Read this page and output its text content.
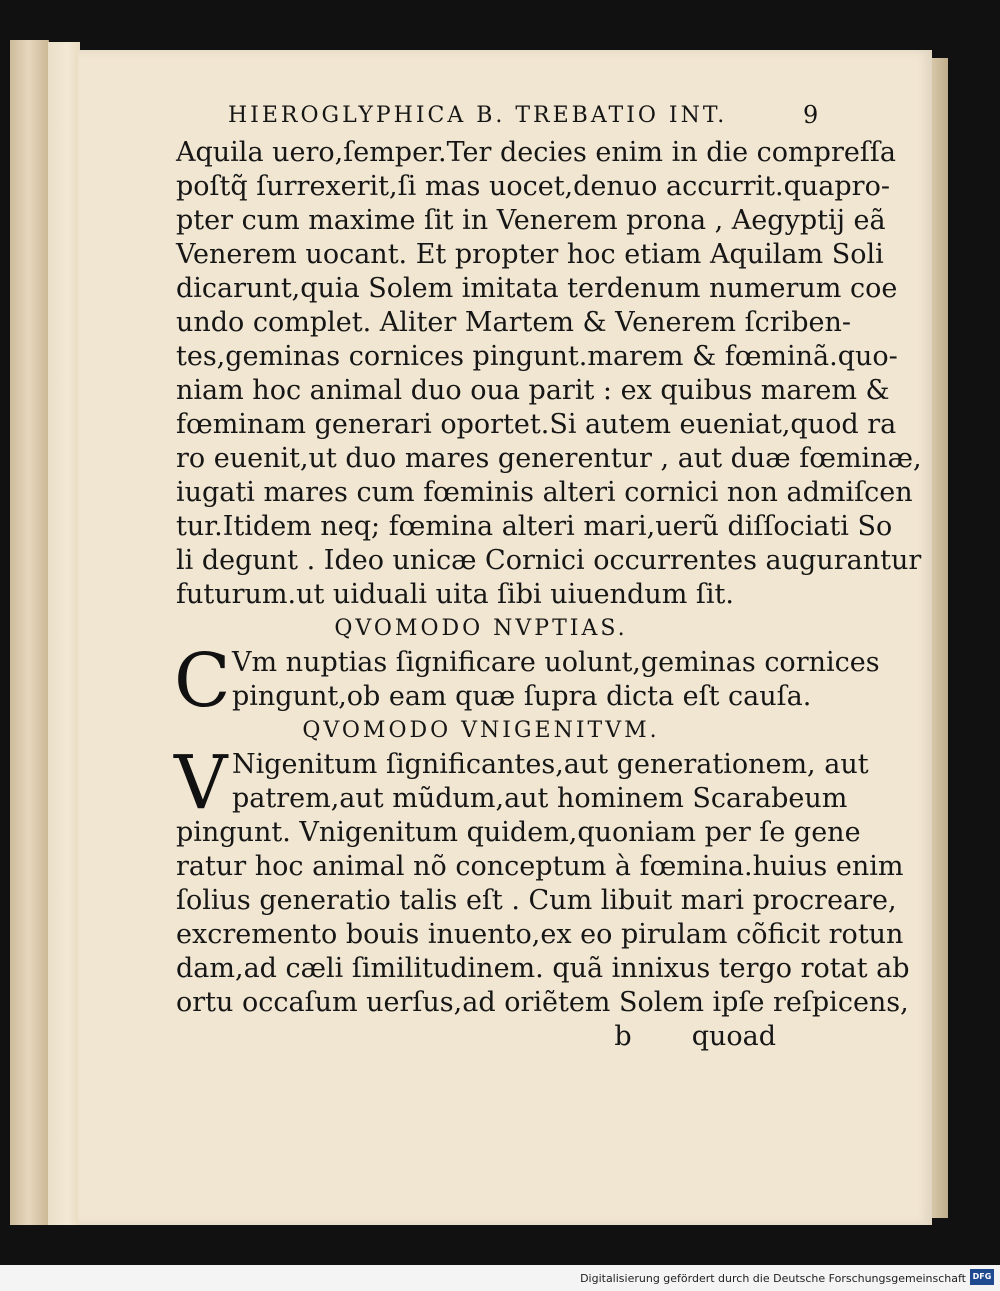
HIEROGLYPHICA B. TREBATIO INT.	9
Aquila uero,ſemper.Ter decies enim in die compreſſa
poſtq̃ ſurrexerit,ſi mas uocet,denuo accurrit.quapro-
pter cum maxime ſit in Venerem prona , Aegyptij eã
Venerem uocant. Et propter hoc etiam Aquilam Soli
dicarunt,quia Solem imitata terdenum numerum coe
undo complet. Aliter Martem & Venerem ſcriben-
tes,geminas cornices pingunt.marem & fœminã.quo-
niam hoc animal duo oua parit : ex quibus marem &
fœminam generari oportet.Si autem eueniat,quod ra
ro euenit,ut duo mares generentur , aut duæ fœminæ,
iugati mares cum fœminis alteri cornici non admiſcen
tur.Itidem neq; fœmina alteri mari,uerũ diſſociati So
li degunt . Ideo unicæ Cornici occurrentes augurantur
futurum.ut uiduali uita ſibi uiuendum ſit.
QVOMODO NVPTIAS.
C Vm nuptias ſignificare uolunt,geminas cornices
pingunt,ob eam quæ ſupra dicta eſt cauſa.
QVOMODO VNIGENITVM.
V Nigenitum ſignificantes,aut generationem, aut
patrem,aut mũdum,aut hominem Scarabeum
pingunt. Vnigenitum quidem,quoniam per ſe gene
ratur hoc animal nõ conceptum à fœmina.huius enim
ſolius generatio talis eſt . Cum libuit mari procreare,
excremento bouis inuento,ex eo pirulam cõficit rotun
dam,ad cæli ſimilitudinem. quã innixus tergo rotat ab
ortu occaſum uerſus,ad oriẽtem Solem ipſe reſpicens,
b quoad
Digitalisierung gefördert durch die Deutsche Forschungsgemeinschaft DFG
